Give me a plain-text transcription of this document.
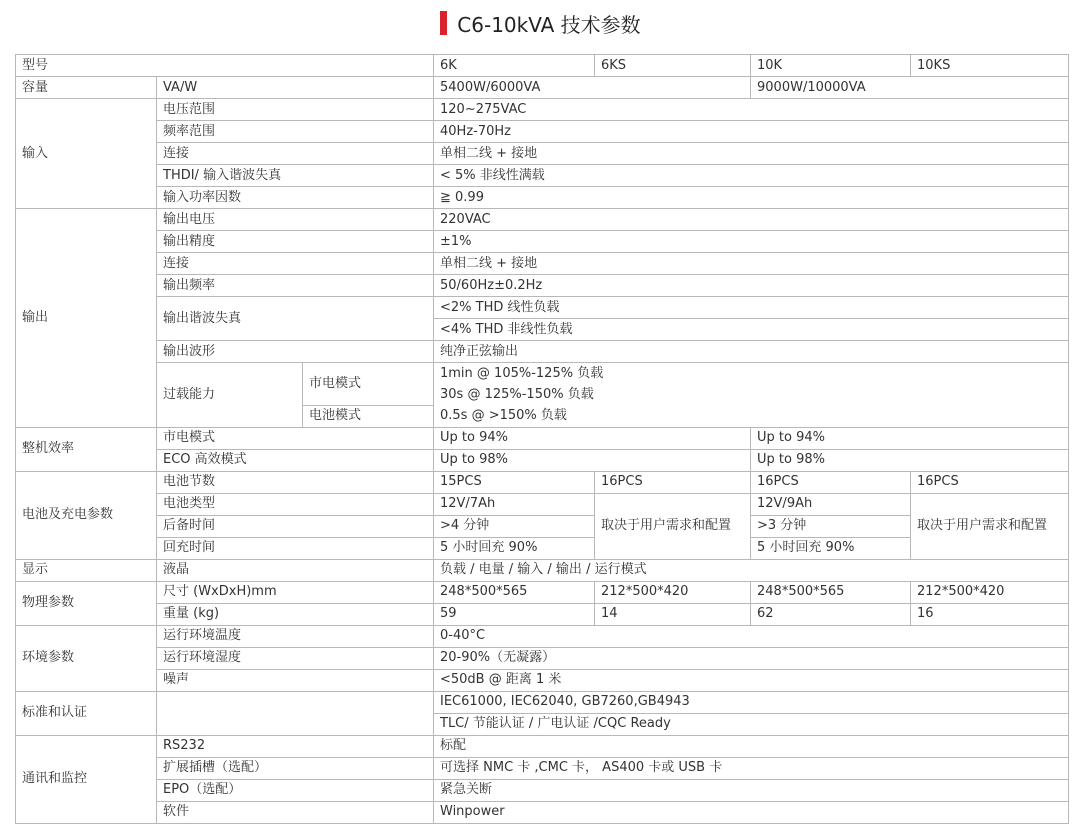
C6-10kVA 技术参数
型号			6K	6KS	10K	10KS
容量	VA/W		5400W/6000VA		9000W/10000VA	
输入	电压范围		120~275VAC			
	频率范围		40Hz-70Hz			
	连接		单相二线 + 接地			
	THDI/ 输入谐波失真		< 5% 非线性满载			
	输入功率因数		≧ 0.99			
输出	输出电压		220VAC			
	输出精度		±1%			
	连接		单相二线 + 接地			
	输出频率		50/60Hz±0.2Hz			
	输出谐波失真		<2% THD 线性负载			
			<4% THD 非线性负载			
	输出波形		纯净正弦输出			
	过载能力	市电模式	1min @ 105%-125% 负载			
			30s @ 125%-150% 负载			
		电池模式	0.5s @ >150% 负载			
整机效率	市电模式		Up to 94%		Up to 94%	
	ECO 高效模式		Up to 98%		Up to 98%	
电池及充电参数	电池节数		15PCS	16PCS	16PCS	16PCS
	电池类型		12V/7Ah	取决于用户需求和配置	12V/9Ah	取决于用户需求和配置
	后备时间		>4 分钟		>3 分钟	
	回充时间		5 小时回充 90%		5 小时回充 90%	
显示	液晶		负载 / 电量 / 输入 / 输出 / 运行模式			
物理参数	尺寸 (WxDxH)mm		248*500*565	212*500*420	248*500*565	212*500*420
	重量 (kg)		59	14	62	16
环境参数	运行环境温度		0-40°C			
	运行环境湿度		20-90%（无凝露）			
	噪声		<50dB @ 距离 1 米			
标准和认证			IEC61000, IEC62040, GB7260,GB4943			
			TLC/ 节能认证 / 广电认证 /CQC Ready			
通讯和监控	RS232		标配			
	扩展插槽（选配）		可选择 NMC 卡 ,CMC 卡， AS400 卡或 USB 卡			
	EPO（选配）		紧急关断			
	软件		Winpower			
